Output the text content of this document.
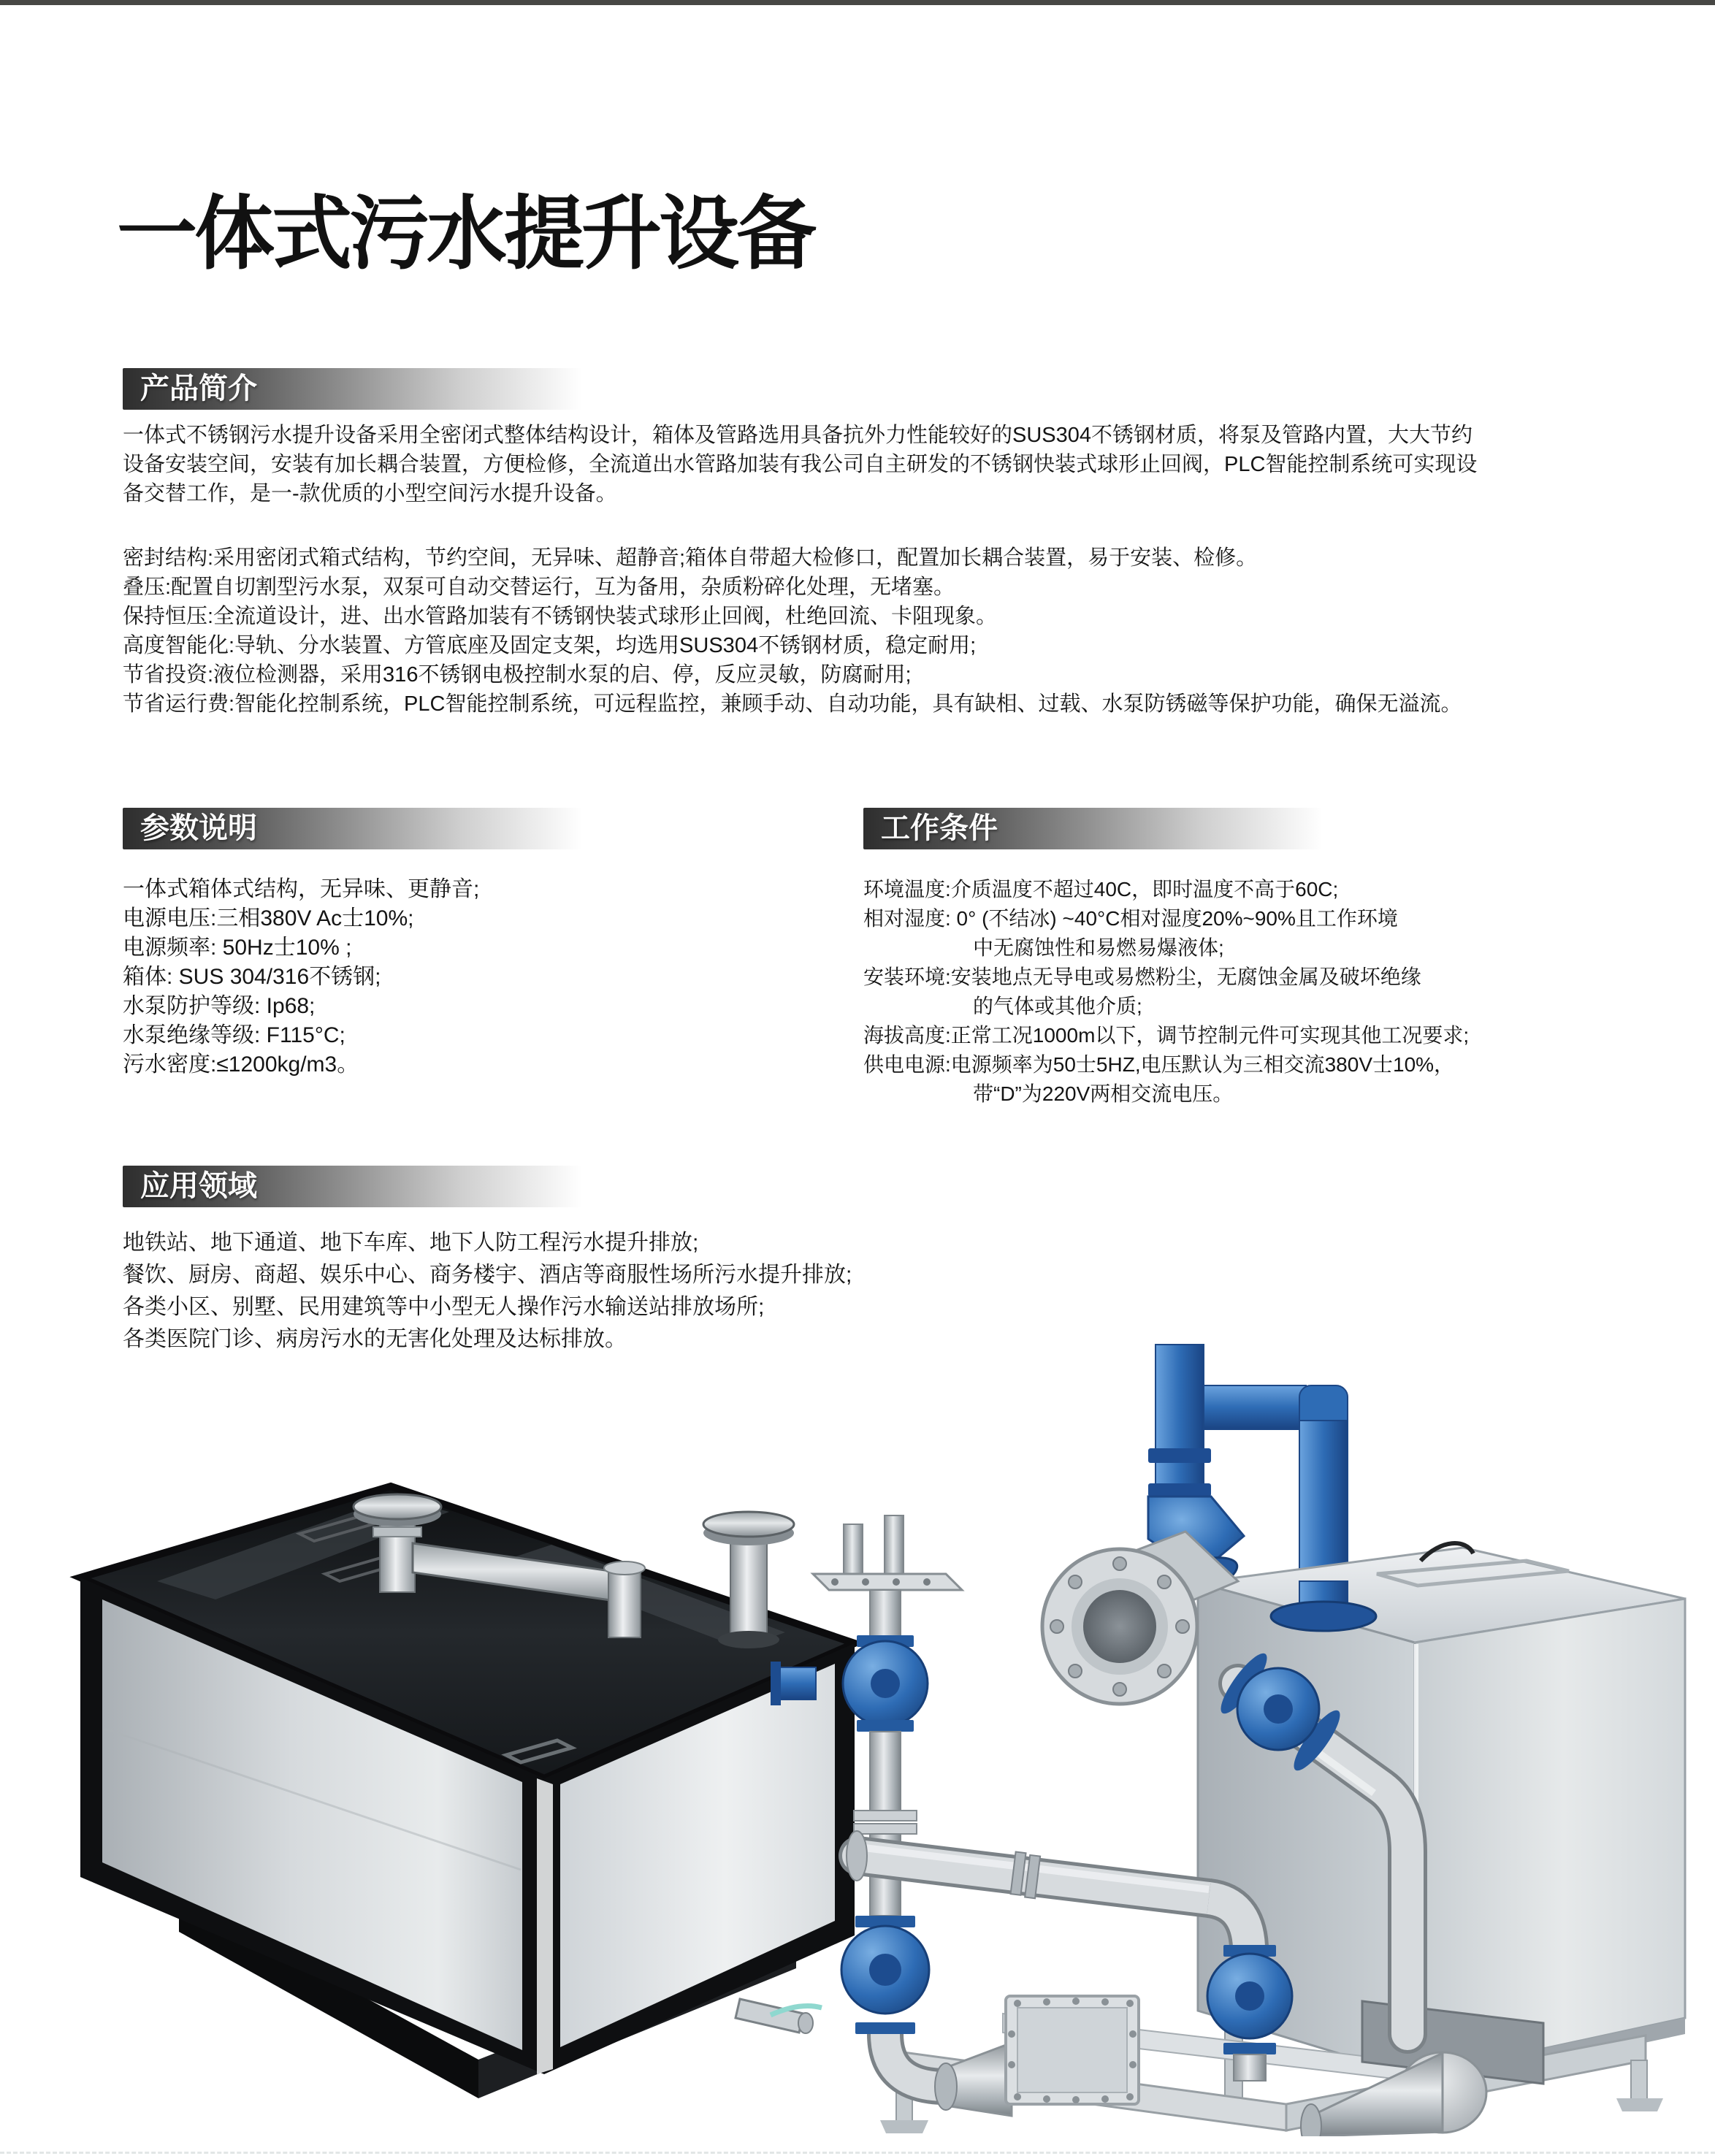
一体式污水提升设备
产品简介
一体式不锈钢污水提升设备采用全密闭式整体结构设计，箱体及管路选用具备抗外力性能较好的SUS304不锈钢材质，将泵及管路内置，大大节约
设备安装空间，安装有加长耦合装置，方便检修，全流道出水管路加装有我公司自主研发的不锈钢快装式球形止回阀，PLC智能控制系统可实现设
备交替工作，是一-款优质的小型空间污水提升设备。
密封结构:采用密闭式箱式结构，节约空间，无异味、超静音;箱体自带超大检修口，配置加长耦合装置，易于安装、检修。
叠压:配置自切割型污水泵，双泵可自动交替运行，互为备用，杂质粉碎化处理，无堵塞。
保持恒压:全流道设计，进、出水管路加装有不锈钢快装式球形止回阀，杜绝回流、卡阻现象。
高度智能化:导轨、分水装置、方管底座及固定支架，均选用SUS304不锈钢材质，稳定耐用;
节省投资:液位检测器，采用316不锈钢电极控制水泵的启、停，反应灵敏，防腐耐用;
节省运行费:智能化控制系统，PLC智能控制系统，可远程监控，兼顾手动、自动功能，具有缺相、过载、水泵防锈磁等保护功能，确保无溢流。
参数说明
一体式箱体式结构，无异味、更静音;
电源电压:三相380V Ac士10%;
电源频率: 50Hz士10% ;
箱体: SUS 304/316不锈钢;
水泵防护等级: Ip68;
水泵绝缘等级: F115°C;
污水密度:≤1200kg/m3。
工作条件
环境温度:介质温度不超过40C，即时温度不高于60C;
相对湿度: 0° (不结冰) ~40°C相对湿度20%~90%且工作环境
中无腐蚀性和易燃易爆液体;
安装环境:安装地点无导电或易燃粉尘，无腐蚀金属及破坏绝缘
的气体或其他介质;
海拔高度:正常工况1000m以下，调节控制元件可实现其他工况要求;
供电电源:电源频率为50士5HZ,电压默认为三相交流380V士10%，
带“D”为220V两相交流电压。
应用领域
地铁站、地下通道、地下车库、地下人防工程污水提升排放;
餐饮、厨房、商超、娱乐中心、商务楼宇、酒店等商服性场所污水提升排放;
各类小区、别墅、民用建筑等中小型无人操作污水输送站排放场所;
各类医院门诊、病房污水的无害化处理及达标排放。
